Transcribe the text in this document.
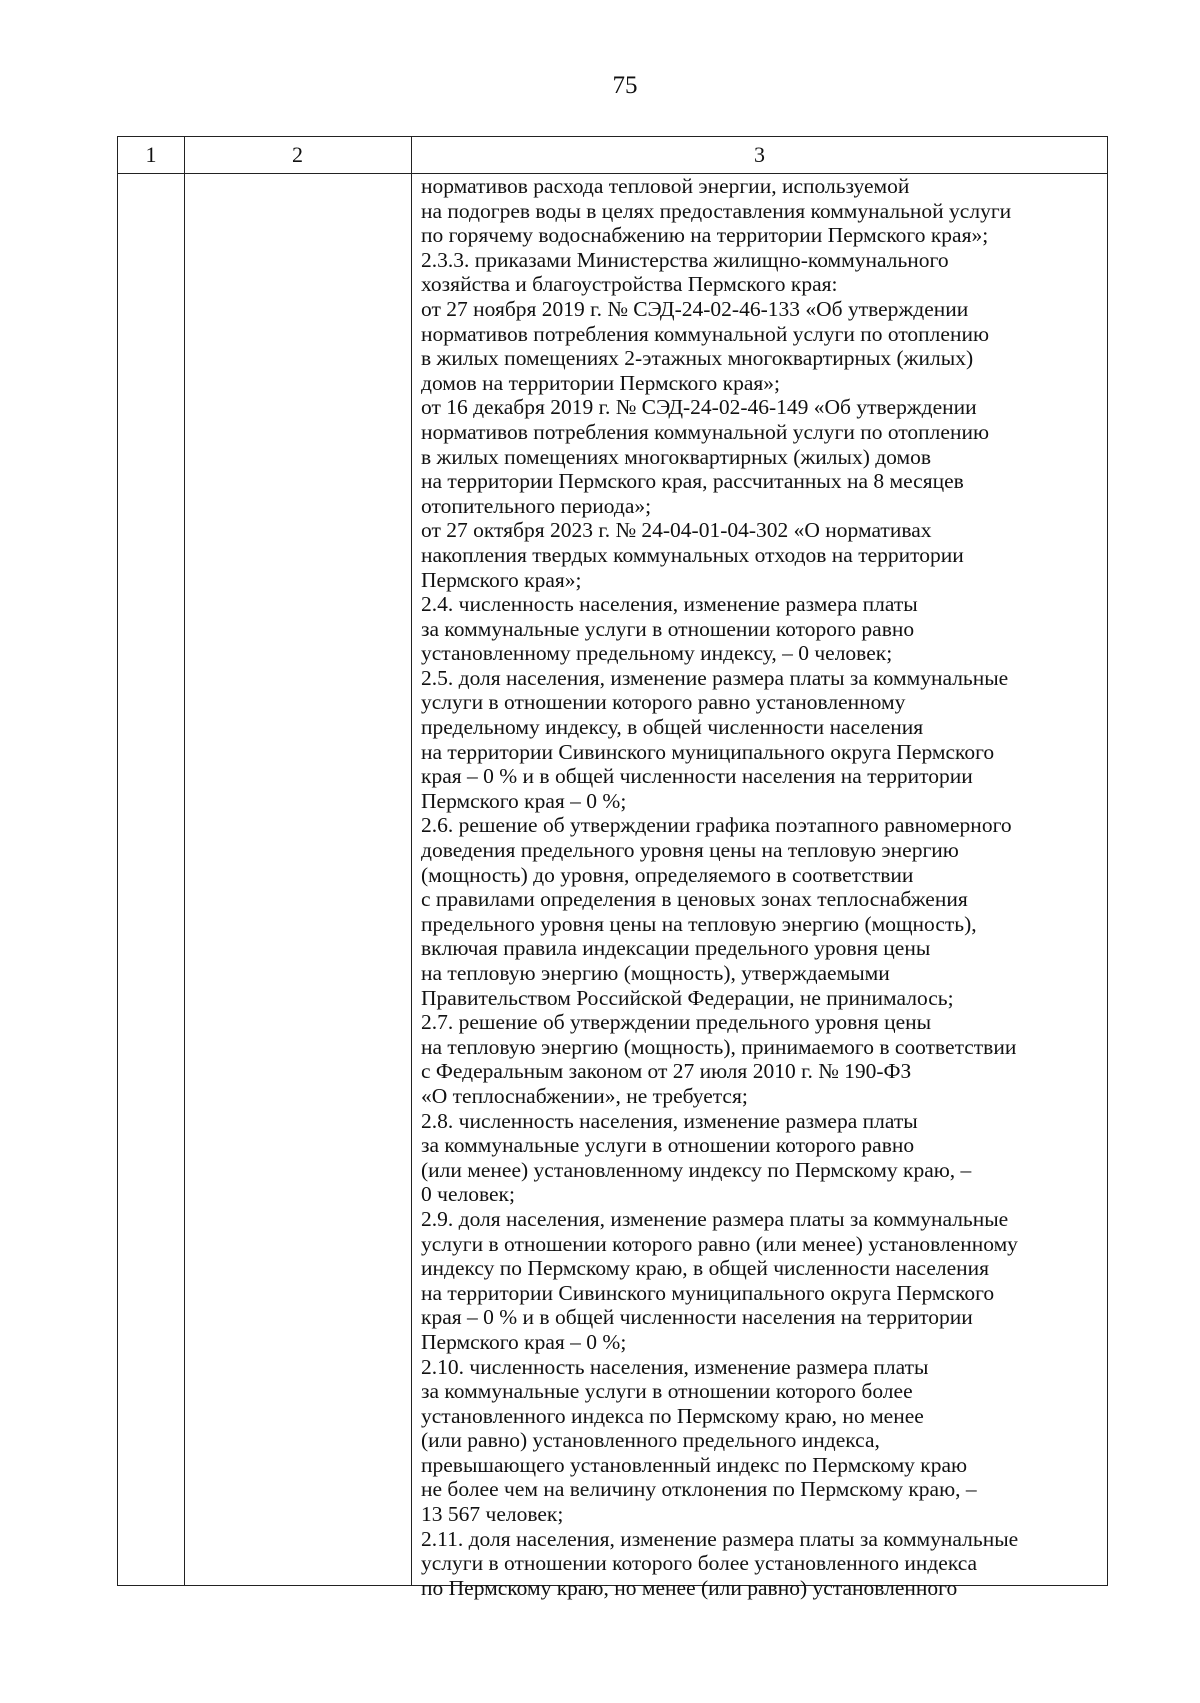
75
1	2	3
нормативов расхода тепловой энергии, используемой
на подогрев воды в целях предоставления коммунальной услуги
по горячему водоснабжению на территории Пермского края»;
2.3.3. приказами Министерства жилищно-коммунального
хозяйства и благоустройства Пермского края:
от 27 ноября 2019 г. № СЭД-24-02-46-133 «Об утверждении
нормативов потребления коммунальной услуги по отоплению
в жилых помещениях 2-этажных многоквартирных (жилых)
домов на территории Пермского края»;
от 16 декабря 2019 г. № СЭД-24-02-46-149 «Об утверждении
нормативов потребления коммунальной услуги по отоплению
в жилых помещениях многоквартирных (жилых) домов
на территории Пермского края, рассчитанных на 8 месяцев
отопительного периода»;
от 27 октября 2023 г. № 24-04-01-04-302 «О нормативах
накопления твердых коммунальных отходов на территории
Пермского края»;
2.4. численность населения, изменение размера платы
за коммунальные услуги в отношении которого равно
установленному предельному индексу, – 0 человек;
2.5. доля населения, изменение размера платы за коммунальные
услуги в отношении которого равно установленному
предельному индексу, в общей численности населения
на территории Сивинского муниципального округа Пермского
края – 0 % и в общей численности населения на территории
Пермского края – 0 %;
2.6. решение об утверждении графика поэтапного равномерного
доведения предельного уровня цены на тепловую энергию
(мощность) до уровня, определяемого в соответствии
с правилами определения в ценовых зонах теплоснабжения
предельного уровня цены на тепловую энергию (мощность),
включая правила индексации предельного уровня цены
на тепловую энергию (мощность), утверждаемыми
Правительством Российской Федерации, не принималось;
2.7. решение об утверждении предельного уровня цены
на тепловую энергию (мощность), принимаемого в соответствии
с Федеральным законом от 27 июля 2010 г. № 190-ФЗ
«О теплоснабжении», не требуется;
2.8. численность населения, изменение размера платы
за коммунальные услуги в отношении которого равно
(или менее) установленному индексу по Пермскому краю, –
0 человек;
2.9. доля населения, изменение размера платы за коммунальные
услуги в отношении которого равно (или менее) установленному
индексу по Пермскому краю, в общей численности населения
на территории Сивинского муниципального округа Пермского
края – 0 % и в общей численности населения на территории
Пермского края – 0 %;
2.10. численность населения, изменение размера платы
за коммунальные услуги в отношении которого более
установленного индекса по Пермскому краю, но менее
(или равно) установленного предельного индекса,
превышающего установленный индекс по Пермскому краю
не более чем на величину отклонения по Пермскому краю, –
13 567 человек;
2.11. доля населения, изменение размера платы за коммунальные
услуги в отношении которого более установленного индекса
по Пермскому краю, но менее (или равно) установленного
